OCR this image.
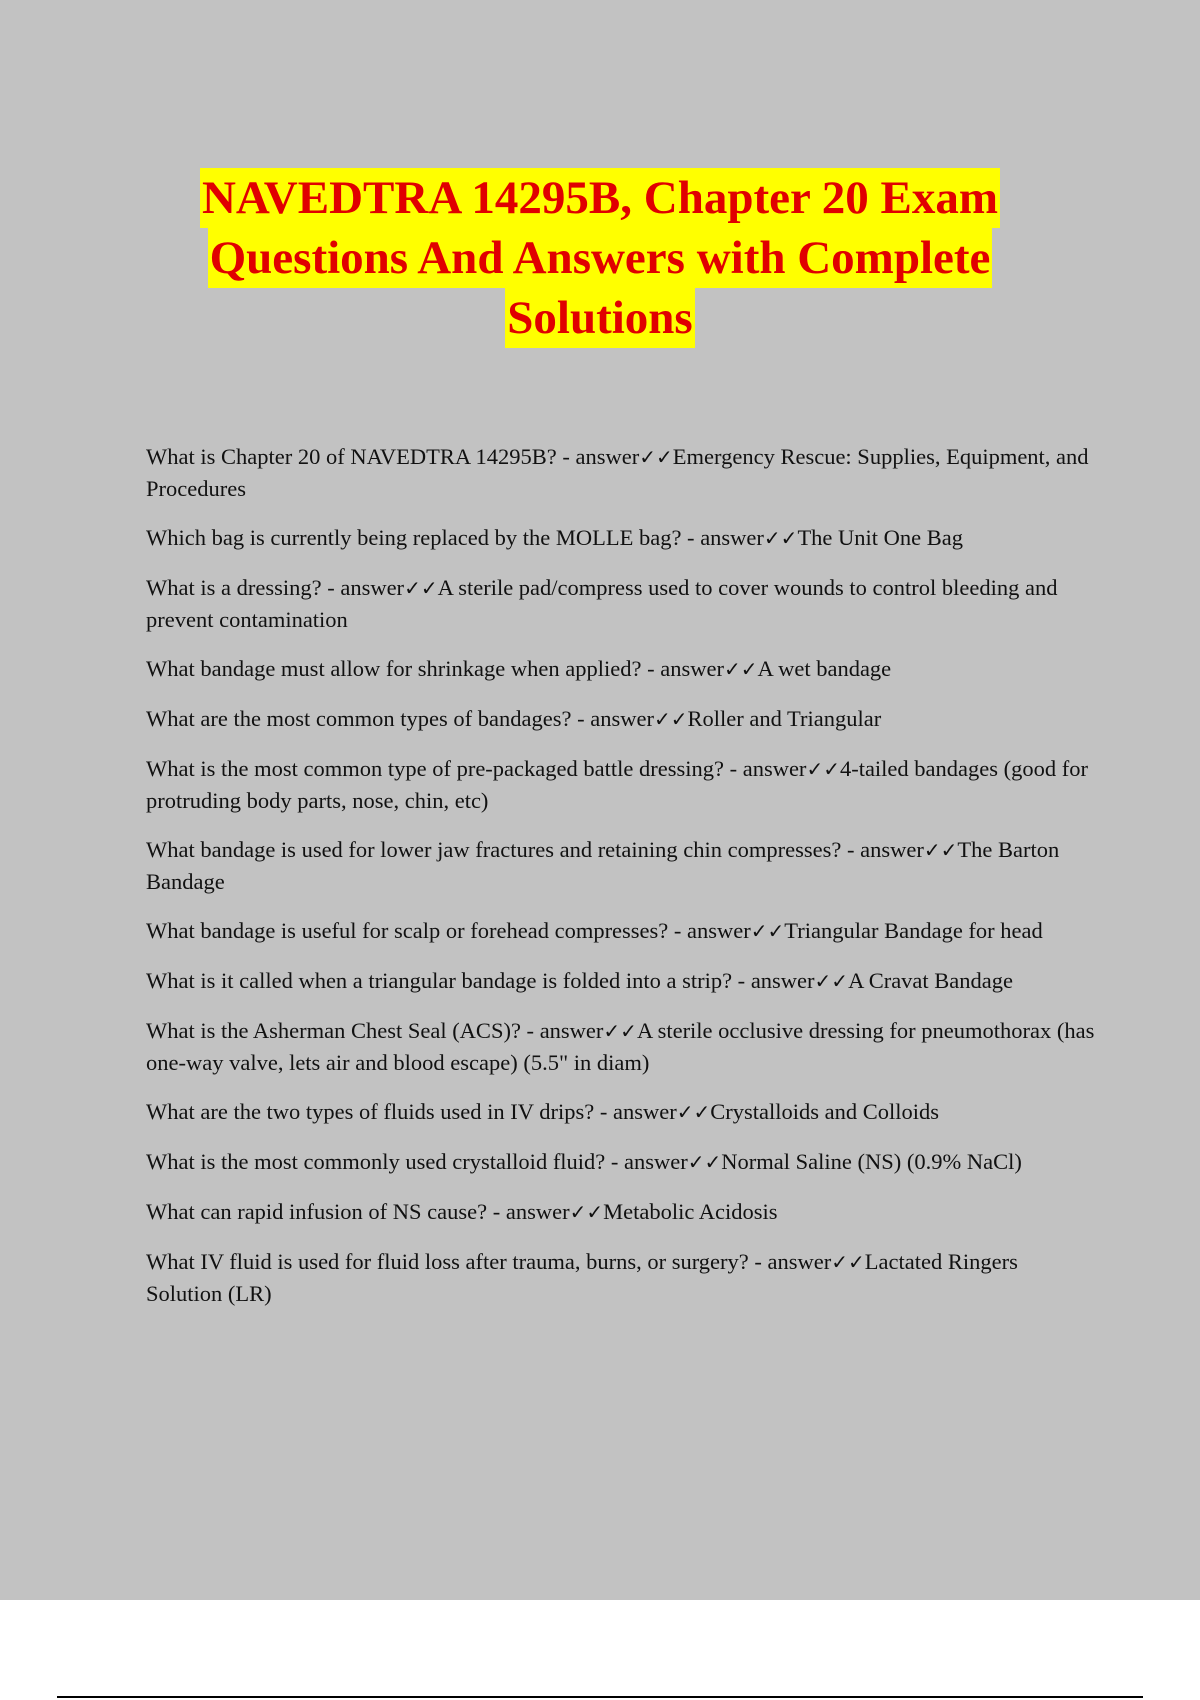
NAVEDTRA 14295B, Chapter 20 Exam
Questions And Answers with Complete
Solutions
What is Chapter 20 of NAVEDTRA 14295B? - answer✓✓Emergency Rescue: Supplies, Equipment, and Procedures
Which bag is currently being replaced by the MOLLE bag? - answer✓✓The Unit One Bag
What is a dressing? - answer✓✓A sterile pad/compress used to cover wounds to control bleeding and prevent contamination
What bandage must allow for shrinkage when applied? - answer✓✓A wet bandage
What are the most common types of bandages? - answer✓✓Roller and Triangular
What is the most common type of pre-packaged battle dressing? - answer✓✓4-tailed bandages (good for protruding body parts, nose, chin, etc)
What bandage is used for lower jaw fractures and retaining chin compresses? - answer✓✓The Barton Bandage
What bandage is useful for scalp or forehead compresses? - answer✓✓Triangular Bandage for head
What is it called when a triangular bandage is folded into a strip? - answer✓✓A Cravat Bandage
What is the Asherman Chest Seal (ACS)? - answer✓✓A sterile occlusive dressing for pneumothorax (has one-way valve, lets air and blood escape) (5.5" in diam)
What are the two types of fluids used in IV drips? - answer✓✓Crystalloids and Colloids
What is the most commonly used crystalloid fluid? - answer✓✓Normal Saline (NS) (0.9% NaCl)
What can rapid infusion of NS cause? - answer✓✓Metabolic Acidosis
What IV fluid is used for fluid loss after trauma, burns, or surgery? - answer✓✓Lactated Ringers Solution (LR)
